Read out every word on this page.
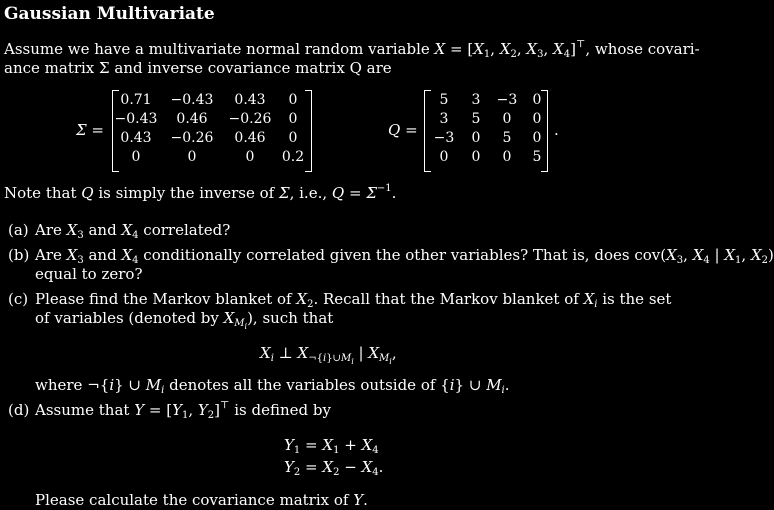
Gaussian Multivariate
Assume we have a multivariate normal random variable $X = [X_1$, $X_2$, $X_3$, $X_4]^⊤$, whose covari-
ance matrix Σ and inverse covariance matrix Q are
Σ =
0.71	−0.43	0.43	0
−0.43	0.46	−0.26	0
0.43	−0.26	0.46	0
0	0	0	0.2
Q =
5	3	−3	0
3	5	0	0
−3	0	5	0
0	0	0	5
.
Note that Q is simply the inverse of Σ, i.e., $Q = \Sigma^{-1}$.
(a) Are $X_3$ and $X_4$ correlated?
(b) Are $X_3$ and $X_4$ conditionally correlated given the other variables? That is, does $cov(X_3$, $X_4$ | $X_1$, $X_2$)
equal to zero?
(c) Please find the Markov blanket of $X_2$. Recall that the Markov blanket of $X_i$ is the set
of variables (denoted by $X_{M_i}$), such that
$X_i$ ⊥ $X_{\neg\{i\}\cup M_i}$ | $X_{M_i}$,
where ¬{i} ∪ $M_i$ denotes all the variables outside of {i} ∪ $M_i$.
(d) Assume that $Y = [Y_1$, $Y_2]^⊤$ is defined by
$Y_1 = X_1 + X_4$
$Y_2 = X_2 - X_4$.
Please calculate the covariance matrix of Y.
